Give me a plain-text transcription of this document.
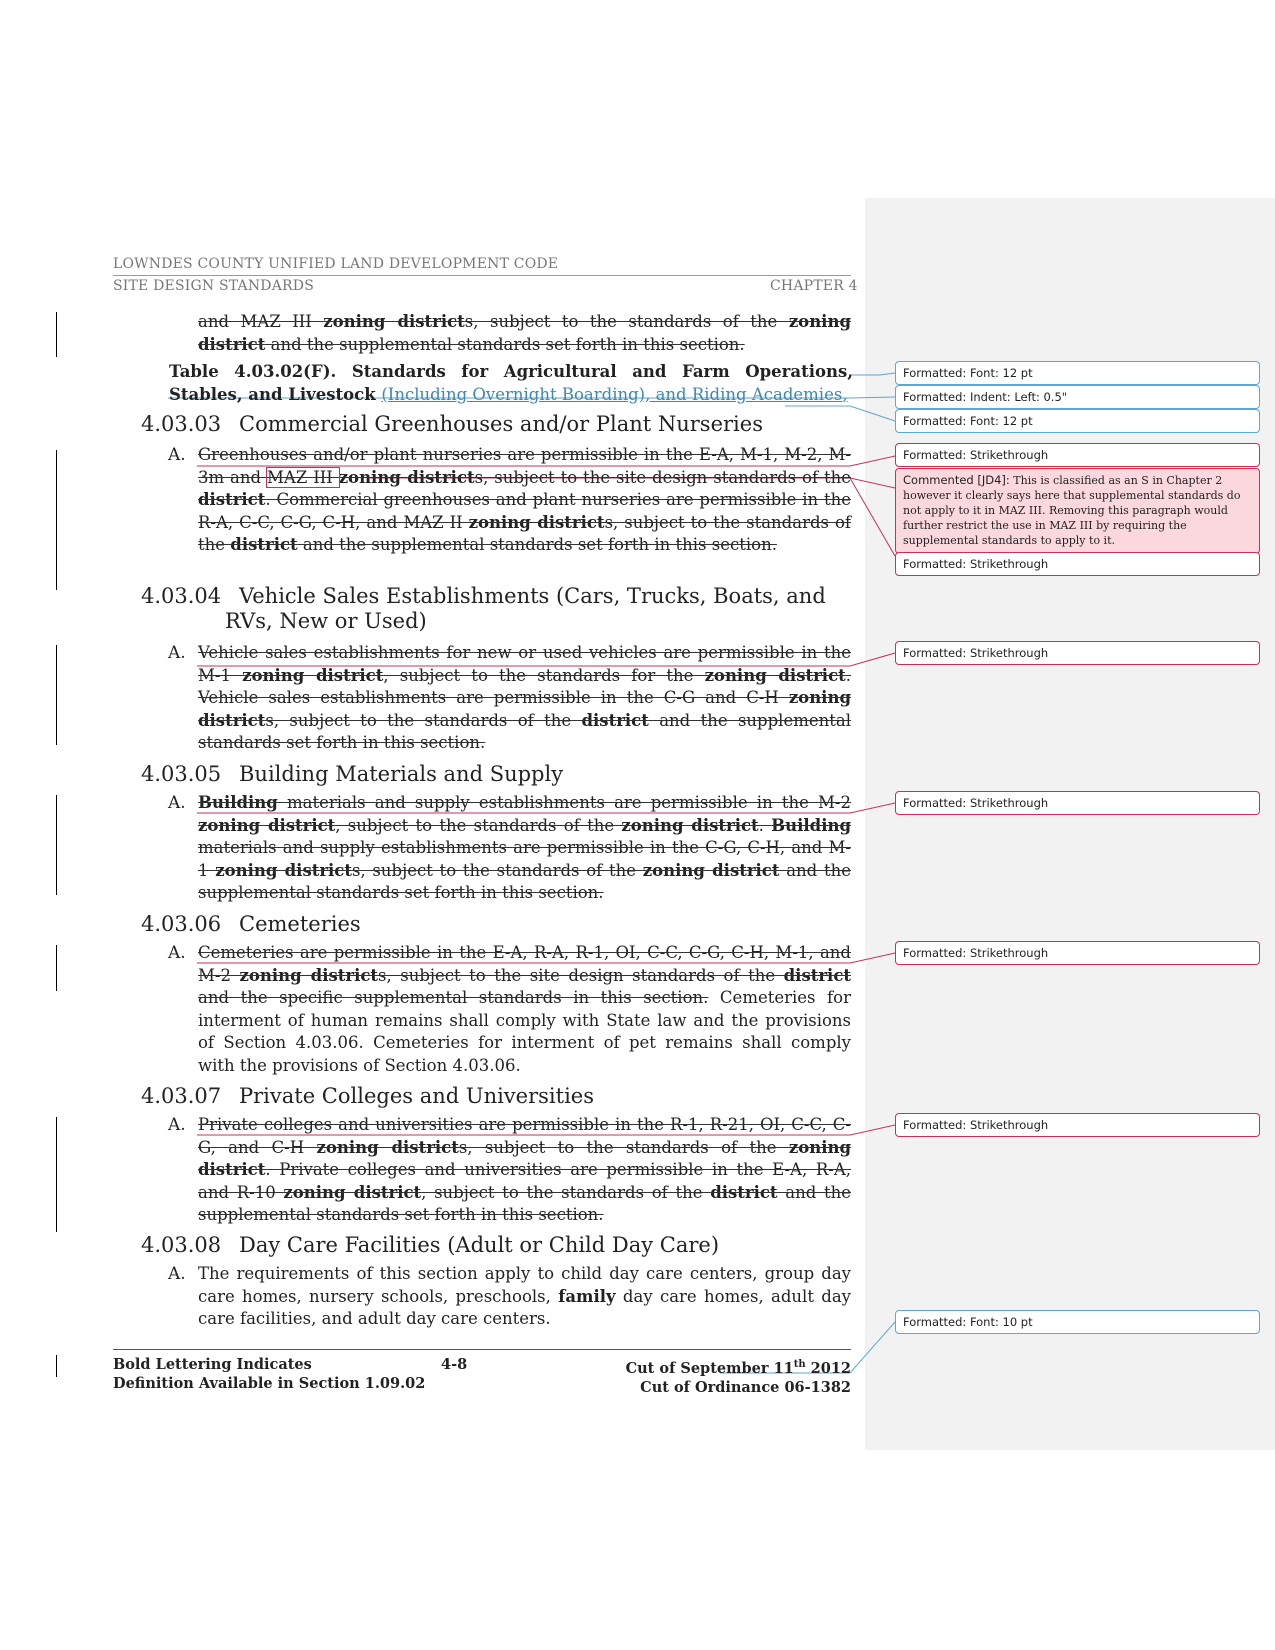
LOWNDES COUNTY UNIFIED LAND DEVELOPMENT CODE
SITE DESIGN STANDARDS	CHAPTER 4
and MAZ III zoning districts, subject to the standards of the zoning district and the supplemental standards set forth in this section.
Table 4.03.02(F). Standards for Agricultural and Farm Operations, Stables, and Livestock (Including Overnight Boarding), and Riding Academies,
4.03.03 Commercial Greenhouses and/or Plant Nurseries
A. Greenhouses and/or plant nurseries are permissible in the E-A, M-1, M-2, M-3m and MAZ III zoning districts, subject to the site design standards of the district. Commercial greenhouses and plant nurseries are permissible in the R-A, C-C, C-G, C-H, and MAZ II zoning districts, subject to the standards of the district and the supplemental standards set forth in this section.
4.03.04 Vehicle Sales Establishments (Cars, Trucks, Boats, and
RVs, New or Used)
A. Vehicle sales establishments for new or used vehicles are permissible in the M-1 zoning district, subject to the standards for the zoning district. Vehicle sales establishments are permissible in the C-G and C-H zoning districts, subject to the standards of the district and the supplemental standards set forth in this section.
4.03.05 Building Materials and Supply
A. Building materials and supply establishments are permissible in the M-2 zoning district, subject to the standards of the zoning district. Building materials and supply establishments are permissible in the C-G, C-H, and M-1 zoning districts, subject to the standards of the zoning district and the supplemental standards set forth in this section.
4.03.06 Cemeteries
A. Cemeteries are permissible in the E-A, R-A, R-1, OI, C-C, C-G, C-H, M-1, and M-2 zoning districts, subject to the site design standards of the district and the specific supplemental standards in this section. Cemeteries for interment of human remains shall comply with State law and the provisions of Section 4.03.06. Cemeteries for interment of pet remains shall comply with the provisions of Section 4.03.06.
4.03.07 Private Colleges and Universities
A. Private colleges and universities are permissible in the R-1, R-21, OI, C-C, C-G, and C-H zoning districts, subject to the standards of the zoning district. Private colleges and universities are permissible in the E-A, R-A, and R-10 zoning district, subject to the standards of the district and the supplemental standards set forth in this section.
4.03.08 Day Care Facilities (Adult or Child Day Care)
A. The requirements of this section apply to child day care centers, group day care homes, nursery schools, preschools, family day care homes, adult day care facilities, and adult day care centers.
Bold Lettering Indicates
Definition Available in Section 1.09.02
4-8	Cut of September 11th 2012
Cut of Ordinance 06-1382
Formatted: Font: 12 pt
Formatted: Indent: Left: 0.5"
Formatted: Font: 12 pt
Formatted: Strikethrough
Commented [JD4]: This is classified as an S in Chapter 2 however it clearly says here that supplemental standards do not apply to it in MAZ III. Removing this paragraph would further restrict the use in MAZ III by requiring the supplemental standards to apply to it.
Formatted: Strikethrough
Formatted: Strikethrough
Formatted: Strikethrough
Formatted: Strikethrough
Formatted: Strikethrough
Formatted: Font: 10 pt
